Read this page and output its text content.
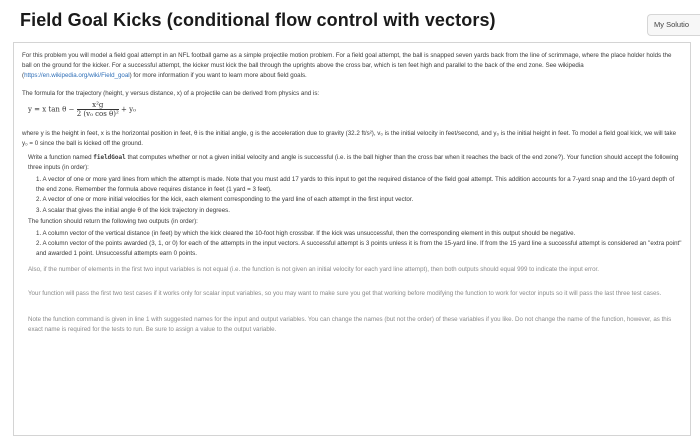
Field Goal Kicks (conditional flow control with vectors)	My Solutio
For this problem you will model a field goal attempt in an NFL football game as a simple projectile motion problem. For a field goal attempt, the ball is snapped seven yards back from the line of scrimmage, where the place holder holds the ball on the ground for the kicker. For a successful attempt, the kicker must kick the ball through the uprights above the cross bar, which is ten feet high and parallel to the back of the end zone. See wikipedia (https://en.wikipedia.org/wiki/Field_goal) for more information if you want to learn more about field goals.
The formula for the trajectory (height, y versus distance, x) of a projectile can be derived from physics and is:
y = x $\tan \theta - \frac{\text{x²g}}{\text{2 (v₀ cos θ)²}} + y_0$
where y is the height in feet, x is the horizontal position in feet, θ is the initial angle, g is the acceleration due to gravity (32.2 ft/s²), v₀ is the initial velocity in feet/second, and y₀ is the initial height in feet. To model a field goal kick, we will take y₀ = 0 since the ball is kicked off the ground.
Write a function named fieldGoal that computes whether or not a given initial velocity and angle is successful (i.e. is the ball higher than the cross bar when it reaches the back of the end zone?). Your function should accept the following three inputs (in order):
1. A vector of one or more yard lines from which the attempt is made. Note that you must add 17 yards to this input to get the required distance of the field goal attempt. This addition accounts for a 7-yard snap and the 10-yard depth of the end zone. Remember the formula above requires distance in feet (1 yard = 3 feet).
2. A vector of one or more initial velocities for the kick, each element corresponding to the yard line of each attempt in the first input vector.
3. A scalar that gives the initial angle θ of the kick trajectory in degrees.
The function should return the following two outputs (in order):
1. A column vector of the vertical distance (in feet) by which the kick cleared the 10-foot high crossbar. If the kick was unsuccessful, then the corresponding element in this output should be negative.
2. A column vector of the points awarded (3, 1, or 0) for each of the attempts in the input vectors. A successful attempt is 3 points unless it is from the 15-yard line. If from the 15 yard line a successful attempt is considered an "extra point" and awarded 1 point. Unsuccessful attempts earn 0 points.
Also, if the number of elements in the first two input variables is not equal (i.e. the function is not given an initial velocity for each yard line attempt), then both outputs should equal 999 to indicate the input error.
Your function will pass the first two test cases if it works only for scalar input variables, so you may want to make sure you get that working before modifying the function to work for vector inputs so it will pass the last three test cases.
Note the function command is given in line 1 with suggested names for the input and output variables. You can change the names (but not the order) of these variables if you like. Do not change the name of the function, however, as this exact name is required for the tests to run. Be sure to assign a value to the output variable.
